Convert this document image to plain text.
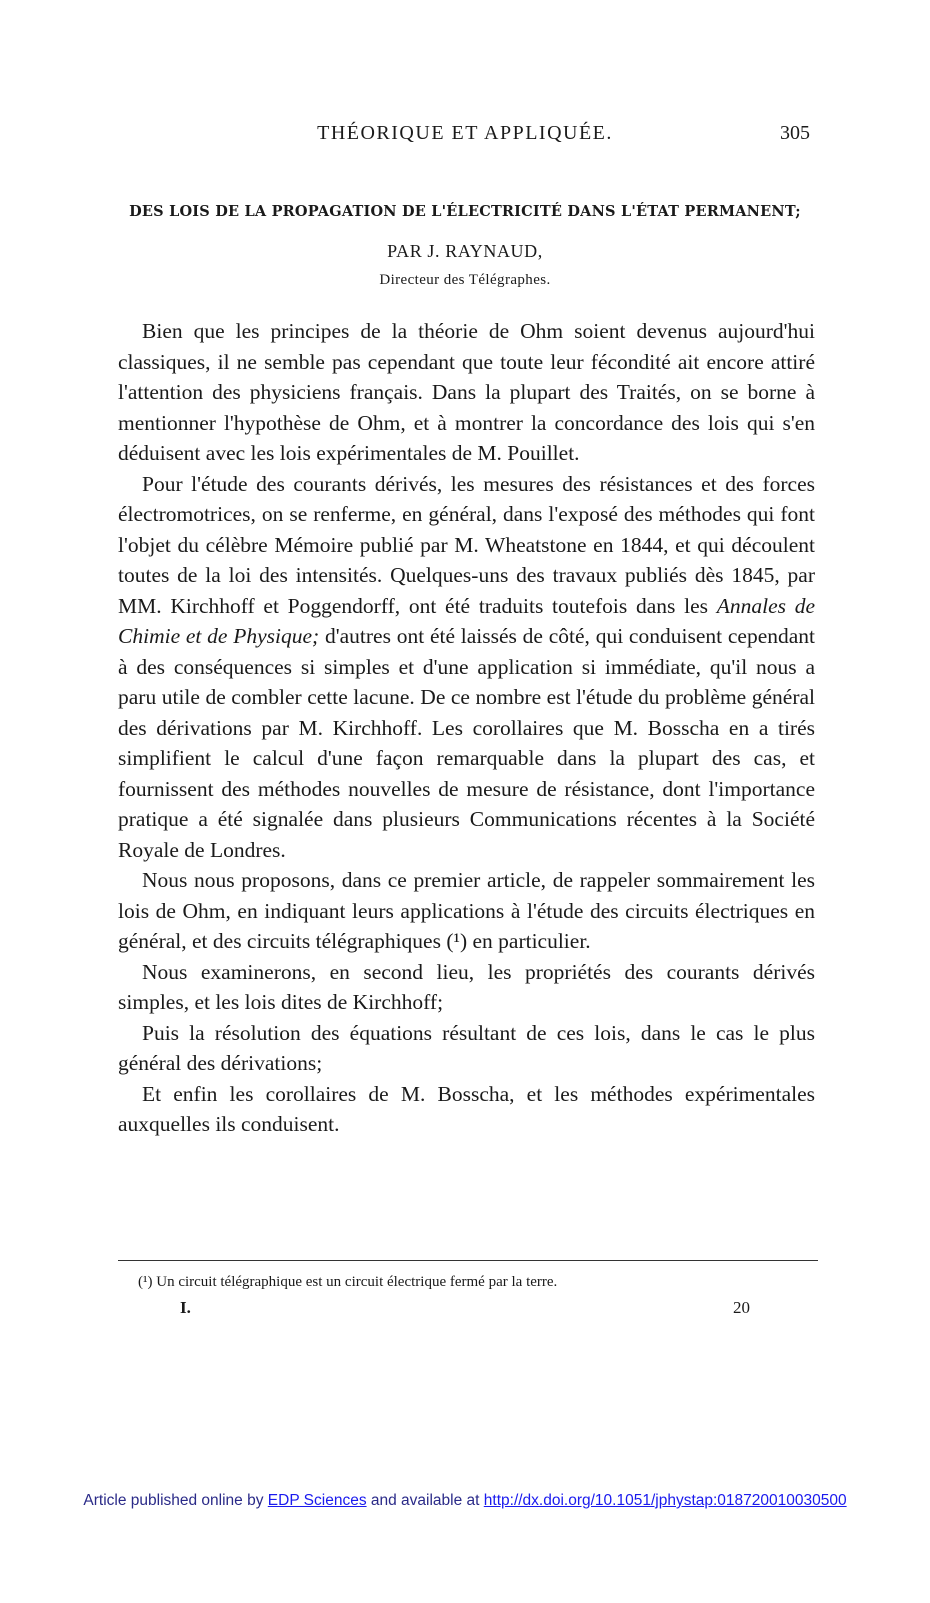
THÉORIQUE ET APPLIQUÉE.	305
DES LOIS DE LA PROPAGATION DE L'ÉLECTRICITÉ DANS L'ÉTAT PERMANENT;
PAR J. RAYNAUD,
Directeur des Télégraphes.

Bien que les principes de la théorie de Ohm soient devenus aujourd'hui classiques, il ne semble pas cependant que toute leur fécondité ait encore attiré l'attention des physiciens français. Dans la plupart des Traités, on se borne à mentionner l'hypothèse de Ohm, et à montrer la concordance des lois qui s'en déduisent avec les lois expérimentales de M. Pouillet.

Pour l'étude des courants dérivés, les mesures des résistances et des forces électromotrices, on se renferme, en général, dans l'exposé des méthodes qui font l'objet du célèbre Mémoire publié par M. Wheatstone en 1844, et qui découlent toutes de la loi des intensités. Quelques-uns des travaux publiés dès 1845, par MM. Kirchhoff et Poggendorff, ont été traduits toutefois dans les Annales de Chimie et de Physique; d'autres ont été laissés de côté, qui conduisent cependant à des conséquences si simples et d'une application si immédiate, qu'il nous a paru utile de combler cette lacune. De ce nombre est l'étude du problème général des dérivations par M. Kirchhoff. Les corollaires que M. Bosscha en a tirés simplifient le calcul d'une façon remarquable dans la plupart des cas, et fournissent des méthodes nouvelles de mesure de résistance, dont l'importance pratique a été signalée dans plusieurs Communications récentes à la Société Royale de Londres.

Nous nous proposons, dans ce premier article, de rappeler sommairement les lois de Ohm, en indiquant leurs applications à l'étude des circuits électriques en général, et des circuits télégraphiques (¹) en particulier.

Nous examinerons, en second lieu, les propriétés des courants dérivés simples, et les lois dites de Kirchhoff;

Puis la résolution des équations résultant de ces lois, dans le cas le plus général des dérivations;

Et enfin les corollaires de M. Bosscha, et les méthodes expérimentales auxquelles ils conduisent.

(¹) Un circuit télégraphique est un circuit électrique fermé par la terre.
I.	20
Article published online by EDP Sciences and available at http://dx.doi.org/10.1051/jphystap:018720010030500
